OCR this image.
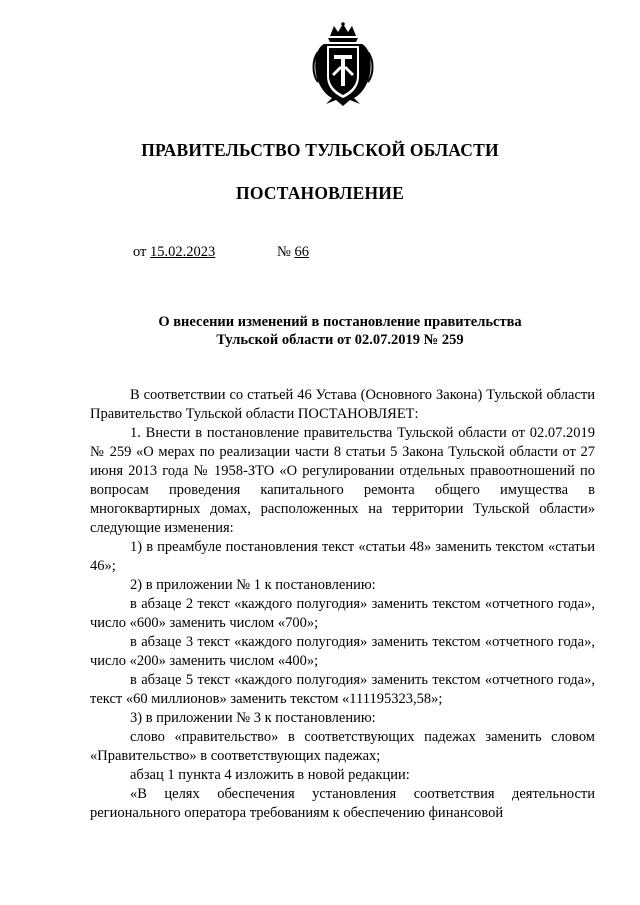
ПРАВИТЕЛЬСТВО ТУЛЬСКОЙ ОБЛАСТИ
ПОСТАНОВЛЕНИЕ
от 15.02.2023	№ 66
О внесении изменений в постановление правительства
Тульской области от 02.07.2019 № 259

В соответствии со статьей 46 Устава (Основного Закона) Тульской области Правительство Тульской области ПОСТАНОВЛЯЕТ:

1. Внести в постановление правительства Тульской области от 02.07.2019 № 259 «О мерах по реализации части 8 статьи 5 Закона Тульской области от 27 июня 2013 года № 1958-ЗТО «О регулировании отдельных правоотношений по вопросам проведения капитального ремонта общего имущества в многоквартирных домах, расположенных на территории Тульской области» следующие изменения:

1) в преамбуле постановления текст «статьи 48» заменить текстом «статьи 46»;

2) в приложении № 1 к постановлению:

в абзаце 2 текст «каждого полугодия» заменить текстом «отчетного года», число «600» заменить числом «700»;

в абзаце 3 текст «каждого полугодия» заменить текстом «отчетного года», число «200» заменить числом «400»;

в абзаце 5 текст «каждого полугодия» заменить текстом «отчетного года», текст «60 миллионов» заменить текстом «111195323,58»;

3) в приложении № 3 к постановлению:

слово «правительство» в соответствующих падежах заменить словом «Правительство» в соответствующих падежах;

абзац 1 пункта 4 изложить в новой редакции:

«В целях обеспечения установления соответствия деятельности регионального оператора требованиям к обеспечению финансовой
